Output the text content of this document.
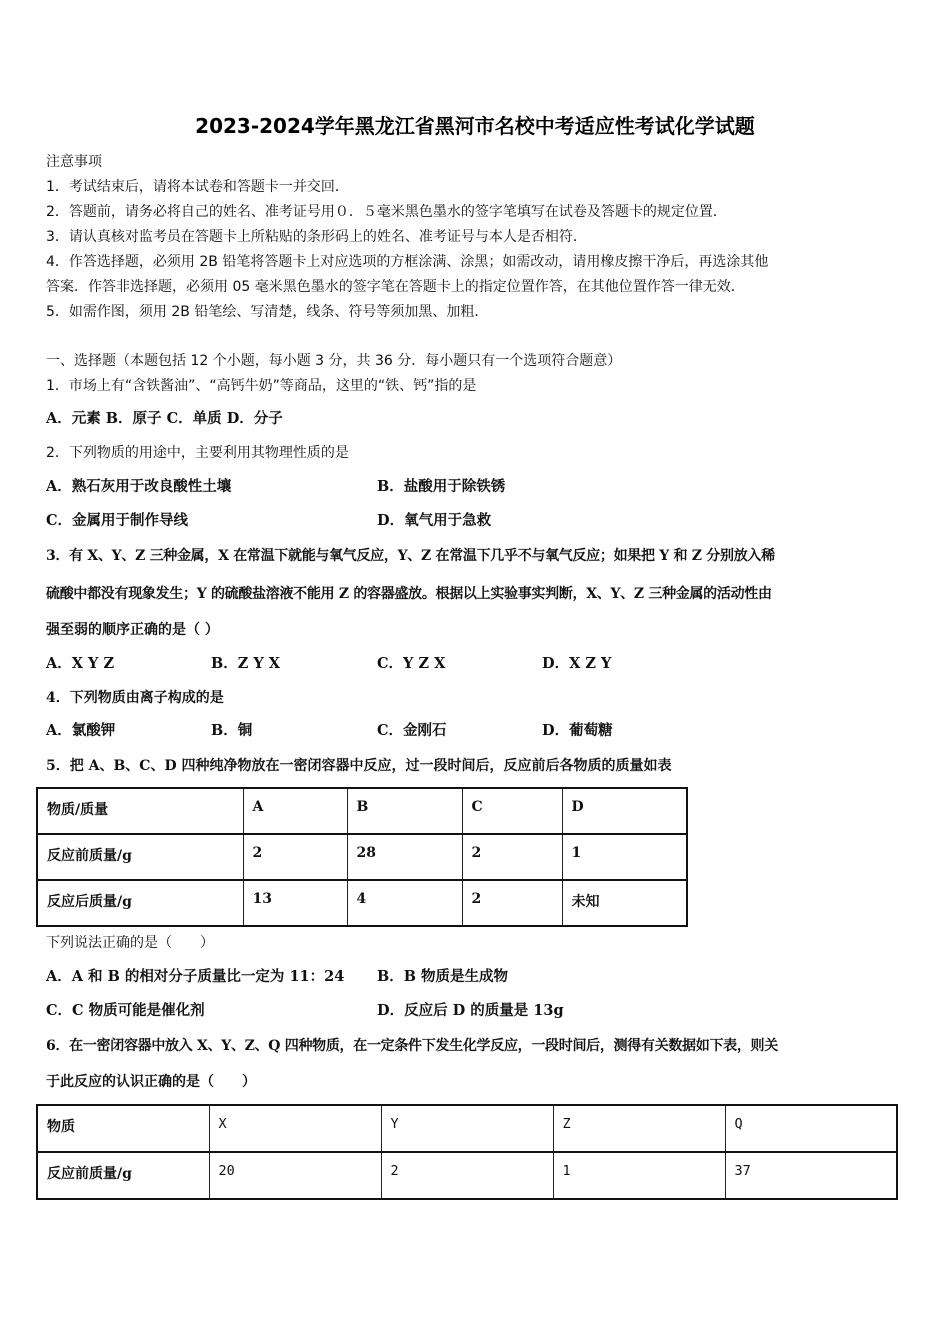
2023-2024学年黑龙江省黑河市名校中考适应性考试化学试题
注意事项
1．考试结束后，请将本试卷和答题卡一并交回．
2．答题前，请务必将自己的姓名、准考证号用０．５毫米黑色墨水的签字笔填写在试卷及答题卡的规定位置．
3．请认真核对监考员在答题卡上所粘贴的条形码上的姓名、准考证号与本人是否相符．
4．作答选择题，必须用 2B 铅笔将答题卡上对应选项的方框涂满、涂黑；如需改动，请用橡皮擦干净后，再选涂其他
答案．作答非选择题，必须用 05 毫米黑色墨水的签字笔在答题卡上的指定位置作答，在其他位置作答一律无效．
5．如需作图，须用 2B 铅笔绘、写清楚，线条、符号等须加黑、加粗．
一、选择题（本题包括 12 个小题，每小题 3 分，共 36 分．每小题只有一个选项符合题意）
1．市场上有“含铁酱油”、“高钙牛奶”等商品，这里的“铁、钙”指的是
A．元素 B．原子 C．单质 D．分子
2．下列物质的用途中，主要利用其物理性质的是
A．熟石灰用于改良酸性土壤	B．盐酸用于除铁锈
C．金属用于制作导线	D．氧气用于急救
3．有 X、Y、Z 三种金属，X 在常温下就能与氧气反应，Y、Z 在常温下几乎不与氧气反应；如果把 Y 和 Z 分别放入稀
硫酸中都没有现象发生；Y 的硫酸盐溶液不能用 Z 的容器盛放。根据以上实验事实判断，X、Y、Z 三种金属的活动性由
强至弱的顺序正确的是（ ）
A．X Y Z	B．Z Y X	C．Y Z X	D．X Z Y
4．下列物质由离子构成的是
A．氯酸钾	B．铜	C．金刚石	D．葡萄糖
5．把 A、B、C、D 四种纯净物放在一密闭容器中反应，过一段时间后，反应前后各物质的质量如表
物质/质量	A	B	C	D
反应前质量/g	2	28	2	1
反应后质量/g	13	4	2	未知
下列说法正确的是（　　）
A．A 和 B 的相对分子质量比一定为 11：24 B．B 物质是生成物
C．C 物质可能是催化剂	D．反应后 D 的质量是 13g
6．在一密闭容器中放入 X、Y、Z、Q 四种物质，在一定条件下发生化学反应，一段时间后，测得有关数据如下表，则关
于此反应的认识正确的是（　　）
物质	X	Y	Z	Q
反应前质量/g	20	2	1	37
